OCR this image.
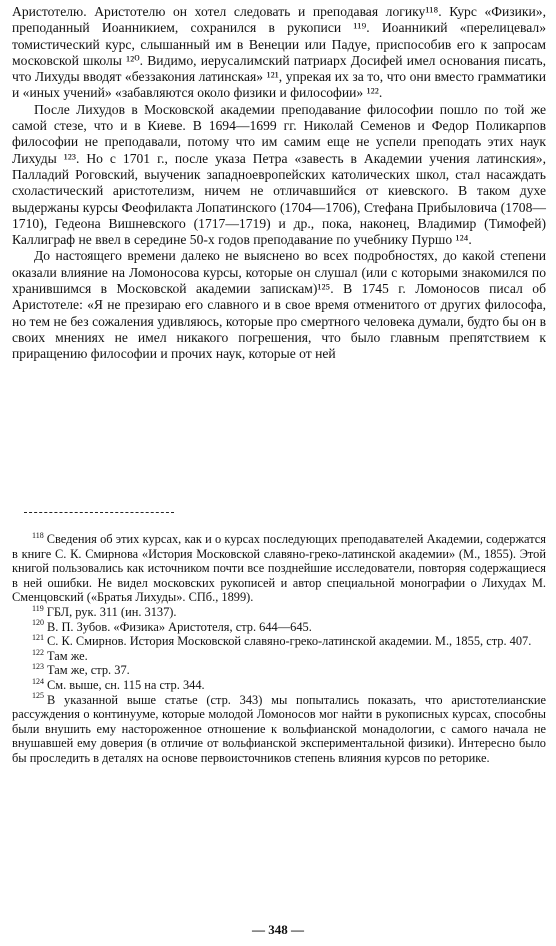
Аристотелю. Аристотелю он хотел следовать и преподавая логику¹¹⁸. Курс «Физики», преподанный Иоанникием, сохранился в рукописи ¹¹⁹. Иоанникий «перелицевал» томистический курс, слышанный им в Венеции или Падуе, приспособив его к запросам московской школы ¹²⁰. Видимо, иерусалимский патриарх Досифей имел основания писать, что Лихуды вводят «беззакония латинская» ¹²¹, упрекая их за то, что они вместо грамматики и «иных учений» «забавляются около физики и философии» ¹²².

После Лихудов в Московской академии преподавание философии пошло по той же самой стезе, что и в Киеве. В 1694—1699 гг. Николай Семенов и Федор Поликарпов философии не преподавали, потому что им самим еще не успели преподать этих наук Лихуды ¹²³. Но с 1701 г., после указа Петра «завесть в Академии учения латинския», Палладий Роговский, выученик западноевропейских католических школ, стал насаждать схоластический аристотелизм, ничем не отличавшийся от киевского. В таком духе выдержаны курсы Феофилакта Лопатинского (1704—1706), Стефана Прибыловича (1708—1710), Гедеона Вишневского (1717—1719) и др., пока, наконец, Владимир (Тимофей) Каллиграф не ввел в середине 50-х годов преподавание по учебнику Пуршо ¹²⁴.

До настоящего времени далеко не выяснено во всех подробностях, до какой степени оказали влияние на Ломоносова курсы, которые он слушал (или с которыми знакомился по хранившимся в Московской академии запискам)¹²⁵. В 1745 г. Ломоносов писал об Аристотеле: «Я не презираю его славного и в свое время отменитого от других философа, но тем не без сожаления удивляюсь, которые про смертного человека думали, будто бы он в своих мнениях не имел никакого погрешения, что было главным препятствием к приращению философии и прочих наук, которые от ней

$^{118}$ Сведения об этих курсах, как и о курсах последующих преподавателей Академии, содержатся в книге С. К. Смирнова «История Московской славяно-греко-латинской академии» (М., 1855). Этой книгой пользовались как источником почти все позднейшие исследователи, повторяя содержащиеся в ней ошибки. Не видел московских рукописей и автор специальной монографии о Лихудах М. Сменцовский («Братья Лихуды». СПб., 1899).

$^{119}$ ГБЛ, рук. 311 (ин. 3137).

$^{120}$ В. П. Зубов. «Физика» Аристотеля, стр. 644—645.

$^{121}$ С. К. Смирнов. История Московской славяно-греко-латинской академии. М., 1855, стр. 407.

$^{122}$ Там же.

$^{123}$ Там же, стр. 37.

$^{124}$ См. выше, сн. 115 на стр. 344.

$^{125}$ В указанной выше статье (стр. 343) мы попытались показать, что аристотелианские рассуждения о континууме, которые молодой Ломоносов мог найти в рукописных курсах, способны были внушить ему настороженное отношение к вольфианской монадологии, с самого начала не внушавшей ему доверия (в отличие от вольфианской экспериментальной физики). Интересно было бы проследить в деталях на основе первоисточников степень влияния курсов по реторике.

— 348 —
